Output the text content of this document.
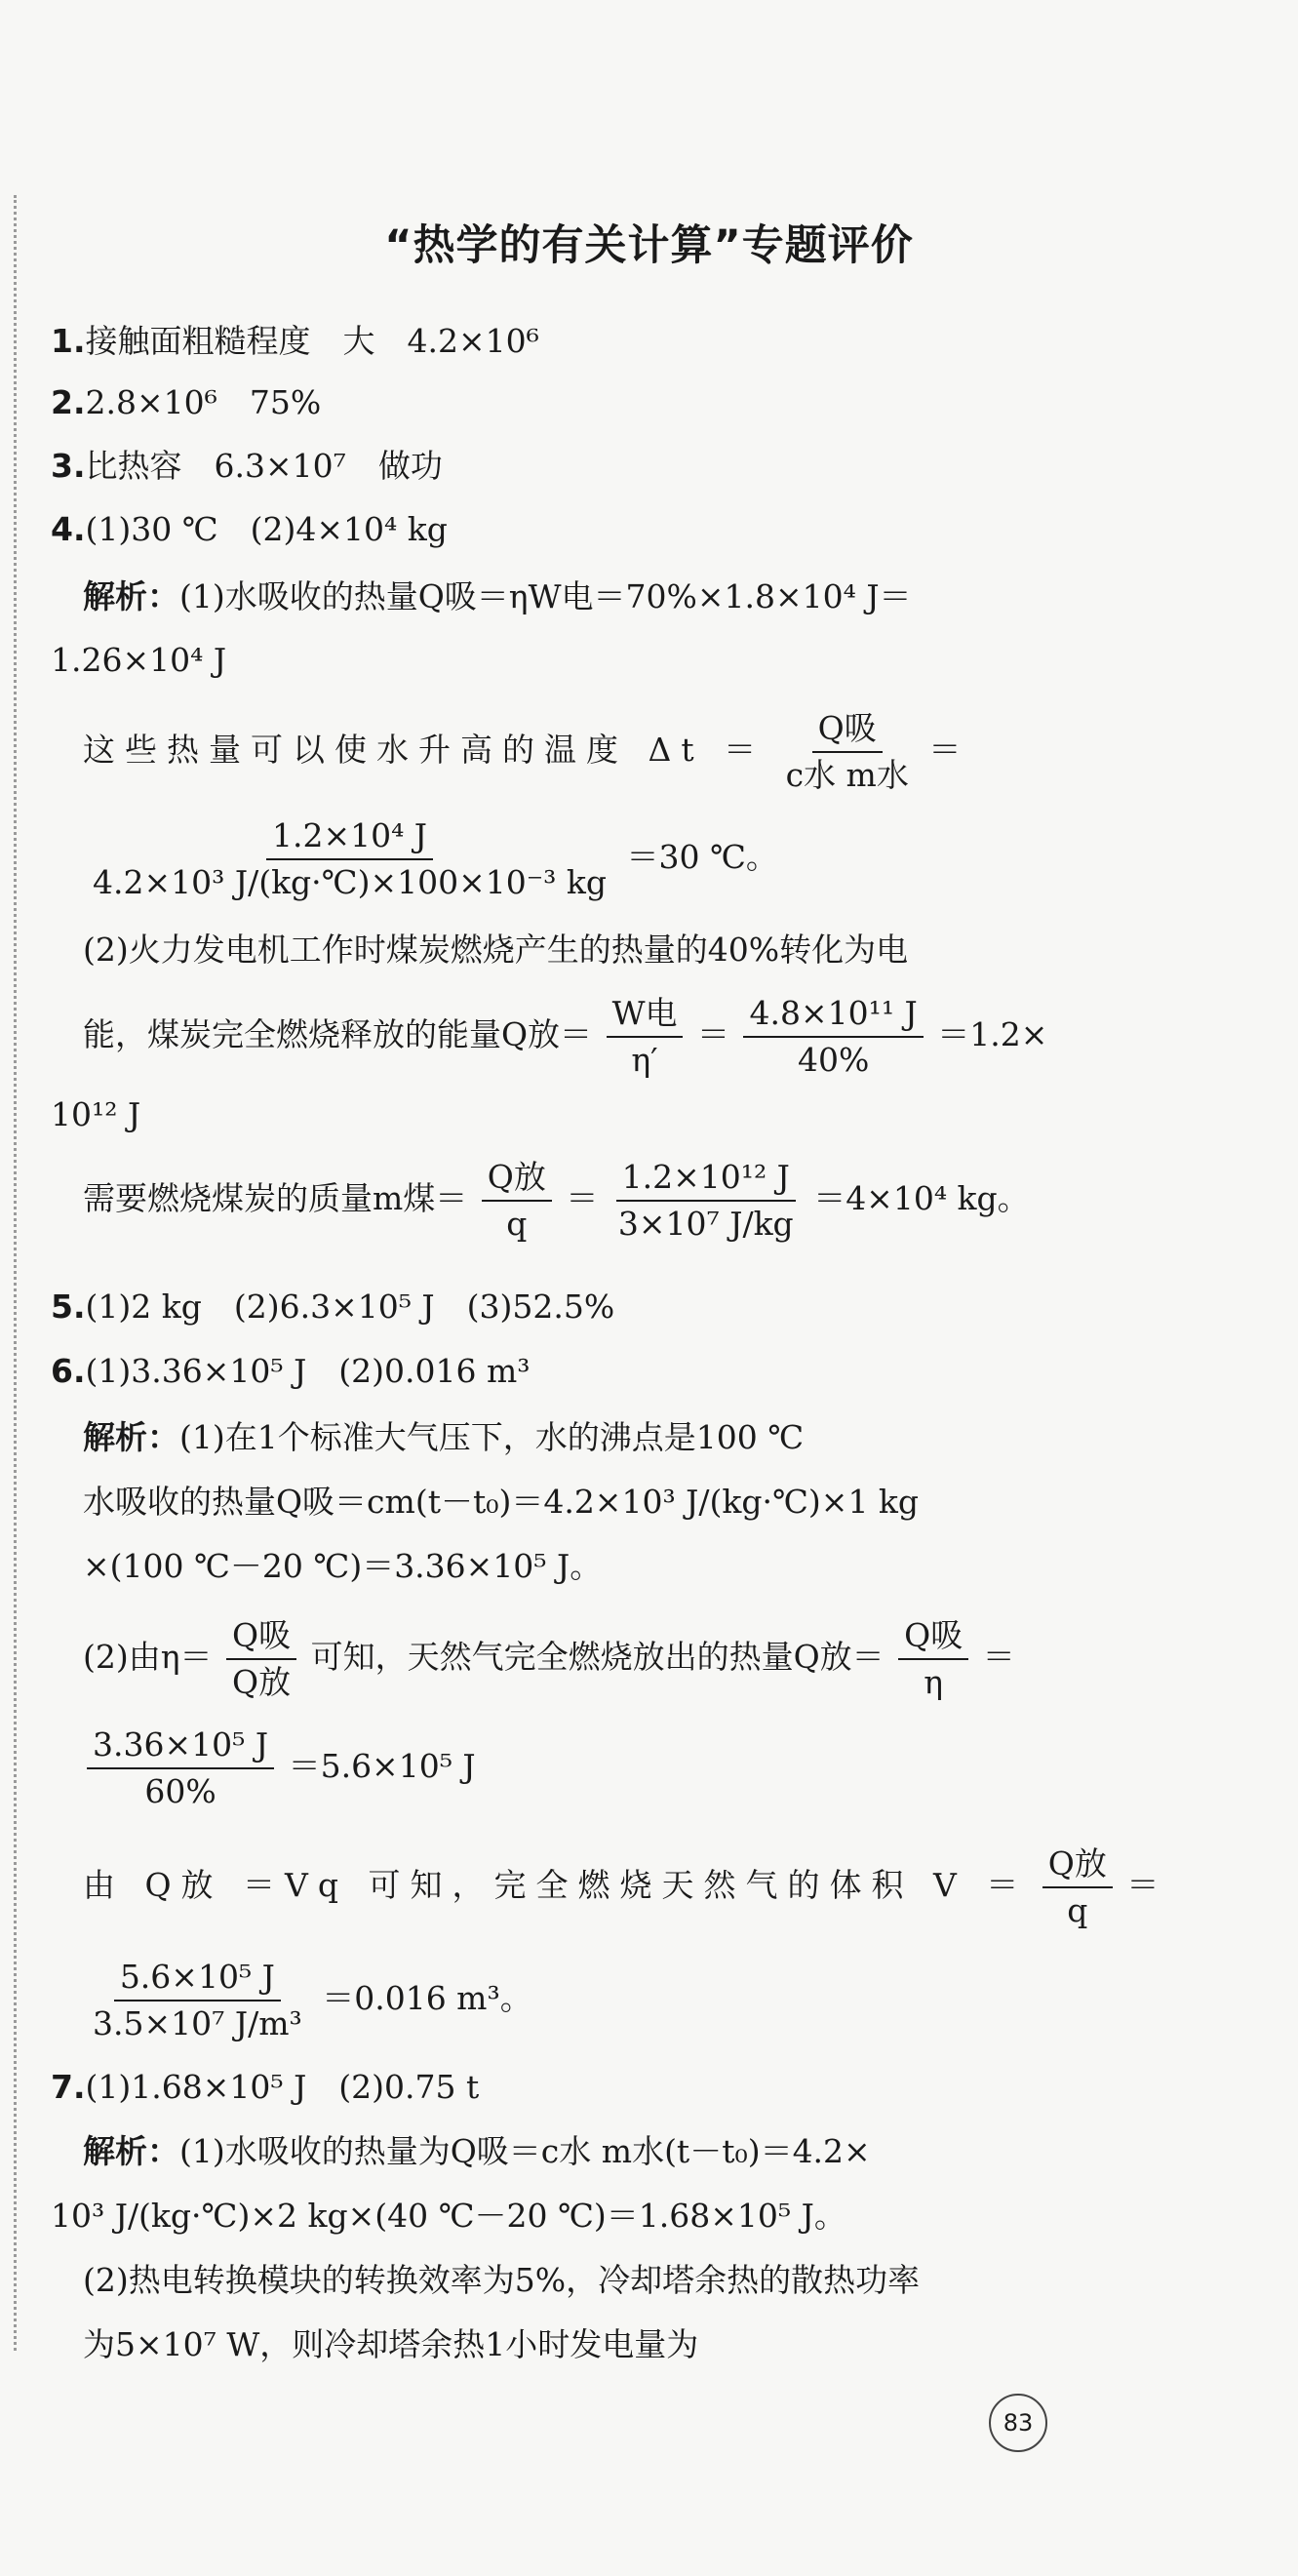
“热学的有关计算”专题评价
1.接触面粗糙程度　大　4.2×10⁶
2.2.8×10⁶　75%
3.比热容　6.3×10⁷　做功
4.(1)30 ℃　(2)4×10⁴ kg
解析：(1)水吸收的热量Q吸＝ηW电＝70%×1.8×10⁴ J＝
1.26×10⁴ J
这些热量可以使水升高的温度 $\Delta t = \frac{\text{Q吸}}{\text{c水 m水}}$ ＝
$\frac{\text{1.2×10⁴ J}}{\text{4.2×10³ J/(kg·℃)×100×10⁻³ kg}} =30$ ℃。
(2)火力发电机工作时煤炭燃烧产生的热量的40%转化为电
能，煤炭完全燃烧释放的能量Q放＝ $\frac{\text{W电}}{\eta'} = \frac{\text{4.8×10¹¹ J}}{40\%} =1.2\times$
10¹² J
需要燃烧煤炭的质量m煤＝ $\frac{\text{Q放}}{q} = \frac{\text{1.2×10¹² J}}{\text{3×10⁷ J/kg}} =4\times 10^4$ kg。
5.(1)2 kg　(2)6.3×10⁵ J　(3)52.5%
6.(1)3.36×10⁵ J　(2)0.016 m³
解析：(1)在1个标准大气压下，水的沸点是100 ℃
水吸收的热量Q吸＝cm(t－t₀)＝4.2×10³ J/(kg·℃)×1 kg
×(100 ℃－20 ℃)＝3.36×10⁵ J。
(2)由$\eta= \frac{\text{Q吸}}{\text{Q放}}$ 可知，天然气完全燃烧放出的热量Q放＝ $\frac{\text{Q吸}}{\eta}$ ＝
$\frac{\text{3.36×10⁵ J}}{60\%} =5.6\times 10^5$ J
由 Q放 ＝Vq 可知，完全燃烧天然气的体积 $V = \frac{\text{Q放}}{q}$ ＝
$\frac{\text{5.6×10⁵ J}}{\text{3.5×10⁷ J/m³}} =0.016$ m³。
7.(1)1.68×10⁵ J　(2)0.75 t
解析：(1)水吸收的热量为Q吸＝c水 m水(t－t₀)＝4.2×
10³ J/(kg·℃)×2 kg×(40 ℃－20 ℃)＝1.68×10⁵ J。
(2)热电转换模块的转换效率为5%，冷却塔余热的散热功率
为5×10⁷ W，则冷却塔余热1小时发电量为
83
